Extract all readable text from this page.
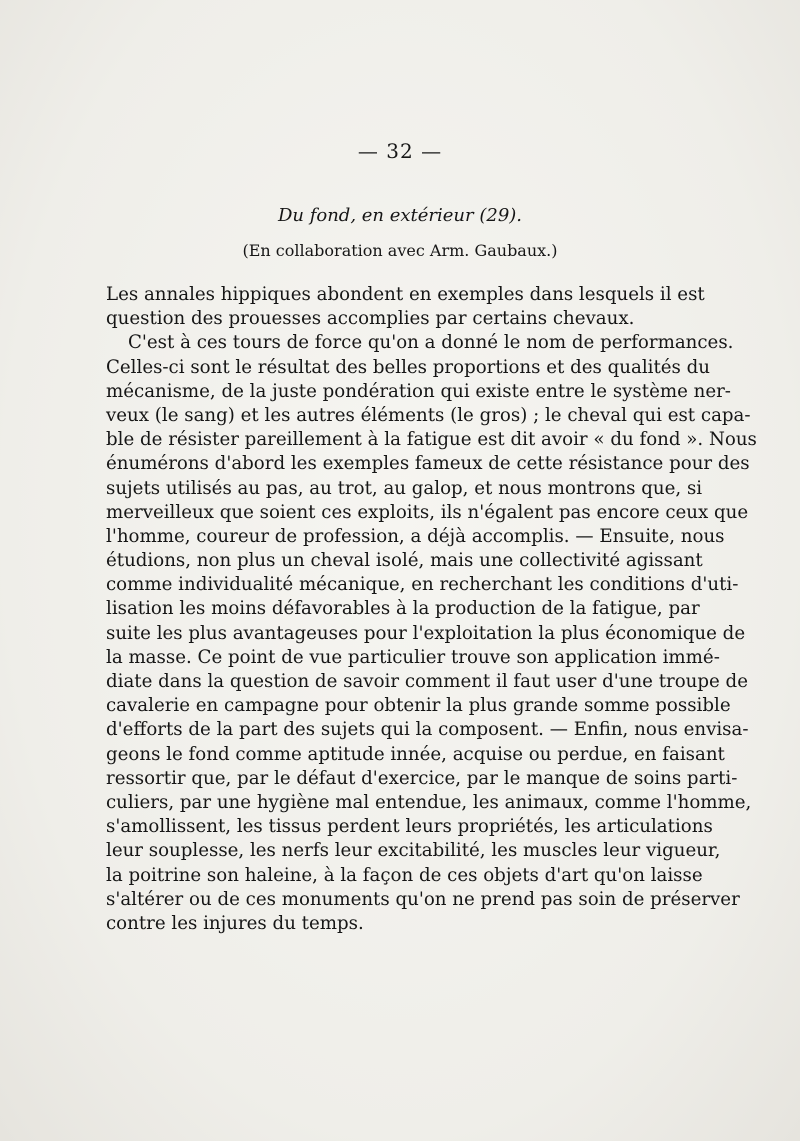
— 32 —
Du fond, en extérieur (29).
(En collaboration avec Arm. Gaubaux.)
Les annales hippiques abondent en exemples dans lesquels il est
question des prouesses accomplies par certains chevaux.
C'est à ces tours de force qu'on a donné le nom de performances.
Celles-ci sont le résultat des belles proportions et des qualités du
mécanisme, de la juste pondération qui existe entre le système ner-
veux (le sang) et les autres éléments (le gros) ; le cheval qui est capa-
ble de résister pareillement à la fatigue est dit avoir « du fond ». Nous
énumérons d'abord les exemples fameux de cette résistance pour des
sujets utilisés au pas, au trot, au galop, et nous montrons que, si
merveilleux que soient ces exploits, ils n'égalent pas encore ceux que
l'homme, coureur de profession, a déjà accomplis. — Ensuite, nous
étudions, non plus un cheval isolé, mais une collectivité agissant
comme individualité mécanique, en recherchant les conditions d'uti-
lisation les moins défavorables à la production de la fatigue, par
suite les plus avantageuses pour l'exploitation la plus économique de
la masse. Ce point de vue particulier trouve son application immé-
diate dans la question de savoir comment il faut user d'une troupe de
cavalerie en campagne pour obtenir la plus grande somme possible
d'efforts de la part des sujets qui la composent. — Enfin, nous envisa-
geons le fond comme aptitude innée, acquise ou perdue, en faisant
ressortir que, par le défaut d'exercice, par le manque de soins parti-
culiers, par une hygiène mal entendue, les animaux, comme l'homme,
s'amollissent, les tissus perdent leurs propriétés, les articulations
leur souplesse, les nerfs leur excitabilité, les muscles leur vigueur,
la poitrine son haleine, à la façon de ces objets d'art qu'on laisse
s'altérer ou de ces monuments qu'on ne prend pas soin de préserver
contre les injures du temps.
